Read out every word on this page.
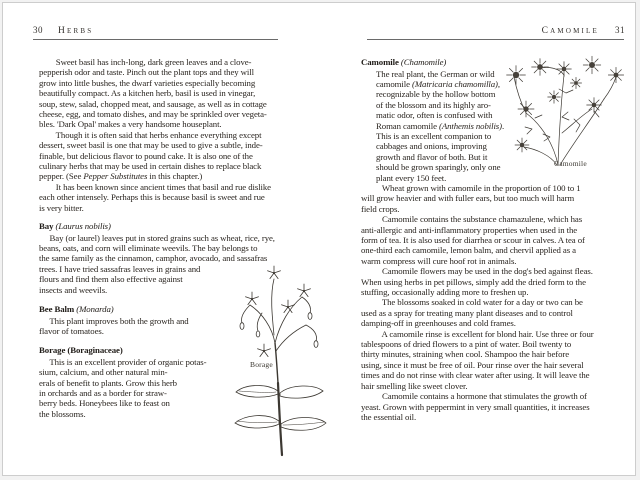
30 Herbs
Sweet basil has inch-long, dark green leaves and a clove-
pepperish odor and taste. Pinch out the plant tops and they will
grow into little bushes, the dwarf varieties especially becoming
beautifully compact. As a kitchen herb, basil is used in vinegar,
soup, stew, salad, chopped meat, and sausage, as well as in cottage
cheese, egg, and tomato dishes, and may be sprinkled over vegeta-
bles. 'Dark Opal' makes a very handsome houseplant.
Though it is often said that herbs enhance everything except
dessert, sweet basil is one that may be used to give a subtle, inde-
finable, but delicious flavor to pound cake. It is also one of the
culinary herbs that may be used in certain dishes to replace black
pepper. (See Pepper Substitutes in this chapter.)
It has been known since ancient times that basil and rue dislike
each other intensely. Perhaps this is because basil is sweet and rue
is very bitter.
Bay (Laurus nobilis)
Bay (or laurel) leaves put in stored grains such as wheat, rice, rye,
beans, oats, and corn will eliminate weevils. The bay belongs to
the same family as the cinnamon, camphor, avocado, and sassafras
trees. I have tried sassafras leaves in grains and
flours and find them also effective against
insects and weevils.
Bee Balm (Monarda)
This plant improves both the growth and
flavor of tomatoes.
Borage (Boraginaceae)
This is an excellent provider of organic potas-
sium, calcium, and other natural min-
erals of benefit to plants. Grow this herb
in orchards and as a border for straw-
berry beds. Honeybees like to feast on
the blossoms.
Borage
Camomile 31
Camomile (Chamomile)
The real plant, the German or wild
camomile (Matricaria chamomilla),
recognizable by the hollow bottom
of the blossom and its highly aro-
matic odor, often is confused with
Roman camomile (Anthemis nobilis).
This is an excellent companion to
cabbages and onions, improving
growth and flavor of both. But it
should be grown sparingly, only one
plant every 150 feet.
Wheat grown with camomile in the proportion of 100 to 1
will grow heavier and with fuller ears, but too much will harm
field crops.
Camomile contains the substance chamazulene, which has
anti-allergic and anti-inflammatory properties when used in the
form of tea. It is also used for diarrhea or scour in calves. A tea of
one-third each camomile, lemon balm, and chervil applied as a
warm compress will cure hoof rot in animals.
Camomile flowers may be used in the dog's bed against fleas.
When using herbs in pet pillows, simply add the dried form to the
stuffing, occasionally adding more to freshen up.
The blossoms soaked in cold water for a day or two can be
used as a spray for treating many plant diseases and to control
damping-off in greenhouses and cold frames.
A camomile rinse is excellent for blond hair. Use three or four
tablespoons of dried flowers to a pint of water. Boil twenty to
thirty minutes, straining when cool. Shampoo the hair before
using, since it must be free of oil. Pour rinse over the hair several
times and do not rinse with clear water after using. It will leave the
hair smelling like sweet clover.
Camomile contains a hormone that stimulates the growth of
yeast. Grown with peppermint in very small quantities, it increases
the essential oil.
Camomile
